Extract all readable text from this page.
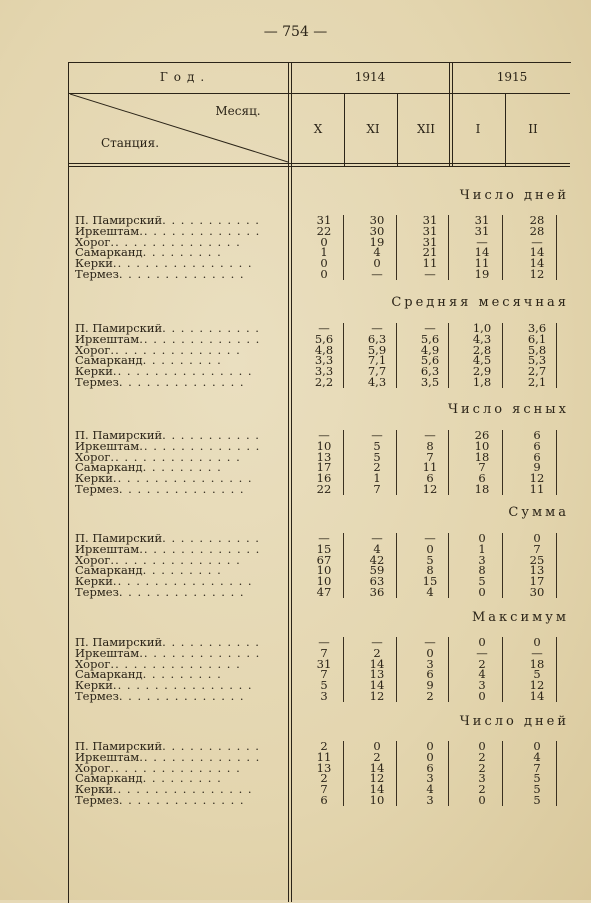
— 754 —
Год.	1914	1915
Месяц.
Станция.
X	XI	XII	I	II
Число дней
П. Памирский. . . . . . . . . . .	31	30	31	31	28
Иркештам.. . . . . . . . . . . . .	22	30	31	31	28
Хорог.. . . . . . . . . . . . . .	0	19	31	—	—
Самарканд. . . . . . . . .	1	4	21	14	14
Керки.. . . . . . . . . . . . . . .	0	0	11	11	14
Термез. . . . . . . . . . . . . .	0	—	—	19	12
Средняя месячная
П. Памирский. . . . . . . . . . .	—	—	—	1,0	3,6
Иркештам.. . . . . . . . . . . . .	5,6	6,3	5,6	4,3	6,1
Хорог.. . . . . . . . . . . . . .	4,8	5,9	4,9	2,8	5,8
Самарканд. . . . . . . . .	3,3	7,1	5,6	4,5	5,3
Керки.. . . . . . . . . . . . . . .	3,3	7,7	6,3	2,9	2,7
Термез. . . . . . . . . . . . . .	2,2	4,3	3,5	1,8	2,1
Число ясных
П. Памирский. . . . . . . . . . .	—	—	—	26	6
Иркештам.. . . . . . . . . . . . .	10	5	8	10	6
Хорог.. . . . . . . . . . . . . .	13	5	7	18	6
Самарканд. . . . . . . . .	17	2	11	7	9
Керки.. . . . . . . . . . . . . . .	16	1	6	6	12
Термез. . . . . . . . . . . . . .	22	7	12	18	11
Сумма
П. Памирский. . . . . . . . . . .	—	—	—	0	0
Иркештам.. . . . . . . . . . . . .	15	4	0	1	7
Хорог.. . . . . . . . . . . . . .	67	42	5	3	25
Самарканд. . . . . . . . .	10	59	8	8	13
Керки.. . . . . . . . . . . . . . .	10	63	15	5	17
Термез. . . . . . . . . . . . . .	47	36	4	0	30
Максимум
П. Памирский. . . . . . . . . . .	—	—	—	0	0
Иркештам.. . . . . . . . . . . . .	7	2	0	—	—
Хорог.. . . . . . . . . . . . . .	31	14	3	2	18
Самарканд. . . . . . . . .	7	13	6	4	5
Керки.. . . . . . . . . . . . . . .	5	14	9	3	12
Термез. . . . . . . . . . . . . .	3	12	2	0	14
Число дней
П. Памирский. . . . . . . . . . .	2	0	0	0	0
Иркештам.. . . . . . . . . . . . .	11	2	0	2	4
Хорог.. . . . . . . . . . . . . .	13	14	6	2	7
Самарканд. . . . . . . . .	2	12	3	3	5
Керки.. . . . . . . . . . . . . . .	7	14	4	2	5
Термез. . . . . . . . . . . . . .	6	10	3	0	5
